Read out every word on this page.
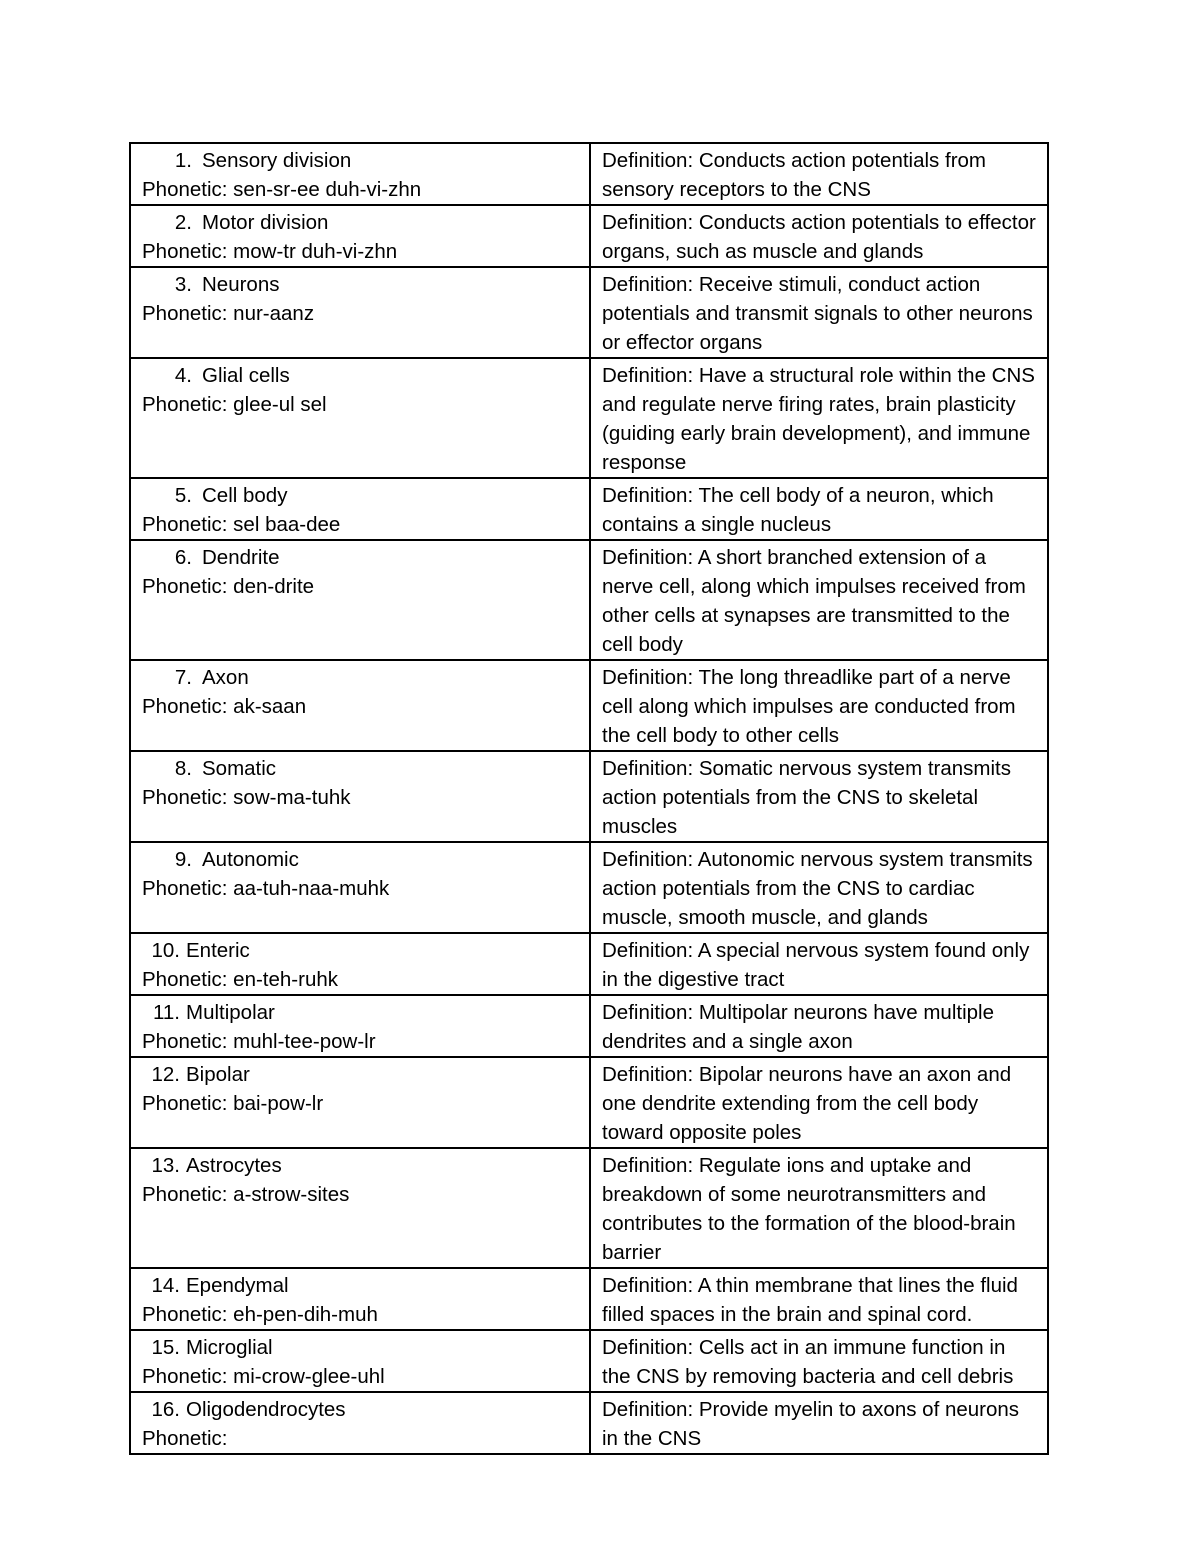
1. Sensory division
Phonetic: sen-sr-ee duh-vi-zhn	Definition: Conducts action potentials from sensory receptors to the CNS

2. Motor division
Phonetic: mow-tr duh-vi-zhn	Definition: Conducts action potentials to effector organs, such as muscle and glands

3. Neurons
Phonetic: nur-aanz	Definition: Receive stimuli, conduct action potentials and transmit signals to other neurons or effector organs

4. Glial cells
Phonetic: glee-ul sel	Definition: Have a structural role within the CNS and regulate nerve firing rates, brain plasticity (guiding early brain development), and immune response

5. Cell body
Phonetic: sel baa-dee	Definition: The cell body of a neuron, which contains a single nucleus

6. Dendrite
Phonetic: den-drite	Definition: A short branched extension of a nerve cell, along which impulses received from other cells at synapses are transmitted to the cell body

7. Axon
Phonetic: ak-saan	Definition: The long threadlike part of a nerve cell along which impulses are conducted from the cell body to other cells

8. Somatic
Phonetic: sow-ma-tuhk	Definition: Somatic nervous system transmits action potentials from the CNS to skeletal muscles

9. Autonomic
Phonetic: aa-tuh-naa-muhk	Definition: Autonomic nervous system transmits action potentials from the CNS to cardiac muscle, smooth muscle, and glands

10. Enteric
Phonetic: en-teh-ruhk	Definition: A special nervous system found only in the digestive tract

11. Multipolar
Phonetic: muhl-tee-pow-lr	Definition: Multipolar neurons have multiple dendrites and a single axon

12. Bipolar
Phonetic: bai-pow-lr	Definition: Bipolar neurons have an axon and one dendrite extending from the cell body toward opposite poles

13. Astrocytes
Phonetic: a-strow-sites	Definition: Regulate ions and uptake and breakdown of some neurotransmitters and contributes to the formation of the blood-brain barrier

14. Ependymal
Phonetic: eh-pen-dih-muh	Definition: A thin membrane that lines the fluid filled spaces in the brain and spinal cord.

15. Microglial
Phonetic: mi-crow-glee-uhl	Definition: Cells act in an immune function in the CNS by removing bacteria and cell debris

16. Oligodendrocytes
Phonetic:	Definition: Provide myelin to axons of neurons in the CNS
